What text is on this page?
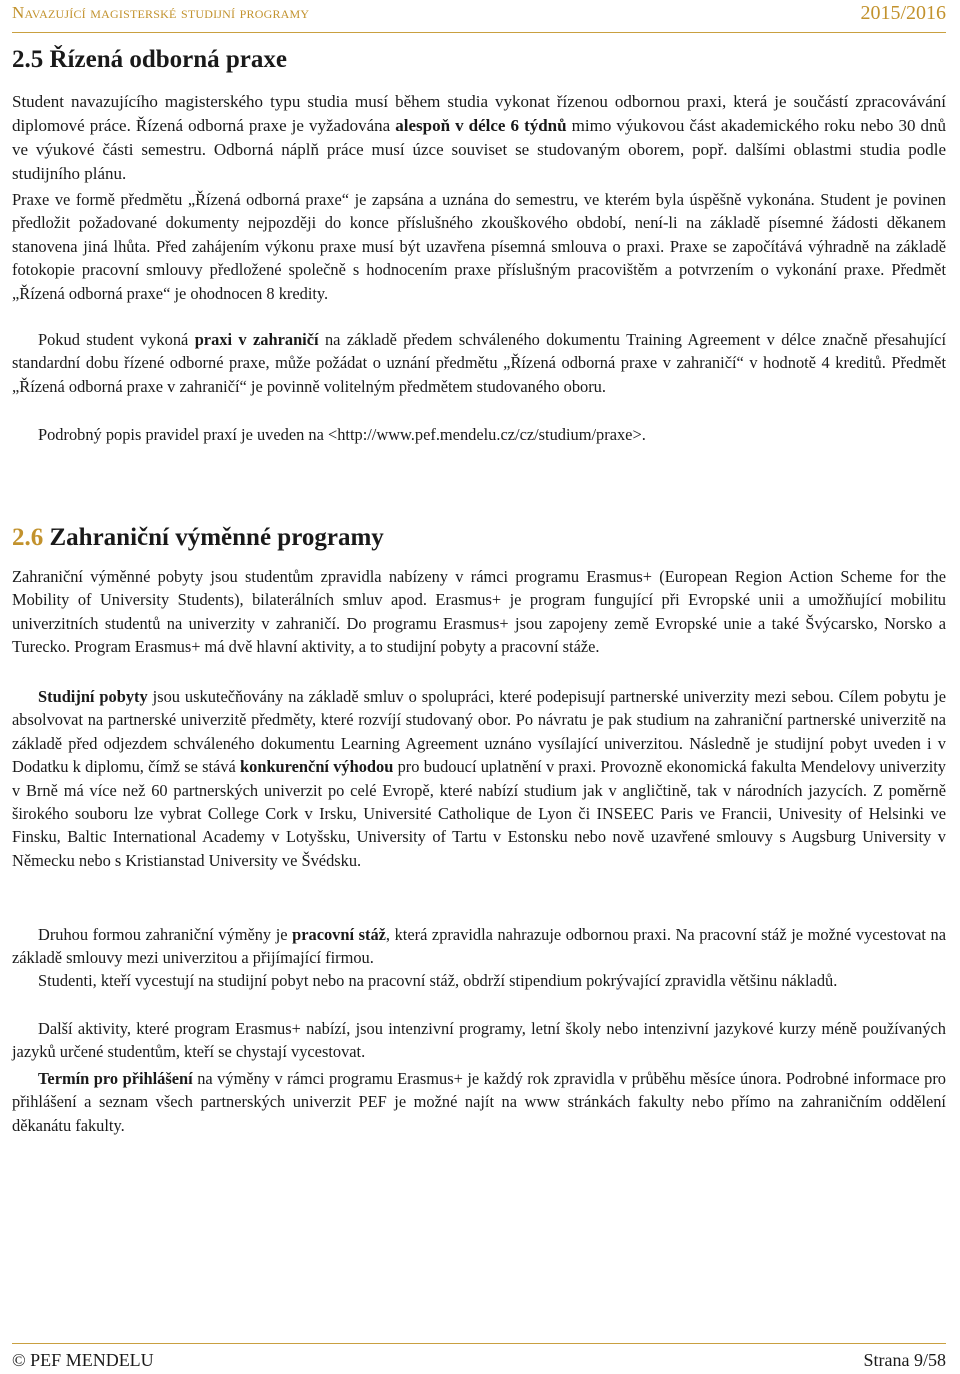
Navazující magisterské studijní programy	2015/2016
2.5 Řízená odborná praxe

Student navazujícího magisterského typu studia musí během studia vykonat řízenou odbornou praxi, která je součástí zpracovávání diplomové práce. Řízená odborná praxe je vyžadována alespoň v délce 6 týdnů mimo výukovou část akademického roku nebo 30 dnů ve výukové části semestru. Odborná náplň práce musí úzce souviset se studovaným oborem, popř. dalšími oblastmi studia podle studijního plánu.

Praxe ve formě předmětu „Řízená odborná praxe“ je zapsána a uznána do semestru, ve kterém byla úspěšně vykonána. Student je povinen předložit požadované dokumenty nejpozději do konce příslušného zkouškového období, není-li na základě písemné žádosti děkanem stanovena jiná lhůta. Před zahájením výkonu praxe musí být uzavřena písemná smlouva o praxi. Praxe se započítává výhradně na základě fotokopie pracovní smlouvy předložené společně s hodnocením praxe příslušným pracovištěm a potvrzením o vykonání praxe. Předmět „Řízená odborná praxe“ je ohodnocen 8 kredity.

Pokud student vykoná praxi v zahraničí na základě předem schváleného dokumentu Training Agreement v délce značně přesahující standardní dobu řízené odborné praxe, může požádat o uznání předmětu „Řízená odborná praxe v zahraničí“ v hodnotě 4 kreditů. Předmět „Řízená odborná praxe v zahraničí“ je povinně volitelným předmětem studovaného oboru.

Podrobný popis pravidel praxí je uveden na <http://www.pef.mendelu.cz/cz/studium/praxe>.

2.6 Zahraniční výměnné programy

Zahraniční výměnné pobyty jsou studentům zpravidla nabízeny v rámci programu Erasmus+ (European Region Action Scheme for the Mobility of University Students), bilaterálních smluv apod. Erasmus+ je program fungující při Evropské unii a umožňující mobilitu univerzitních studentů na univerzity v zahraničí. Do programu Erasmus+ jsou zapojeny země Evropské unie a také Švýcarsko, Norsko a Turecko. Program Erasmus+ má dvě hlavní aktivity, a to studijní pobyty a pracovní stáže.

Studijní pobyty jsou uskutečňovány na základě smluv o spolupráci, které podepisují partnerské univerzity mezi sebou. Cílem pobytu je absolvovat na partnerské univerzitě předměty, které rozvíjí studovaný obor. Po návratu je pak studium na zahraniční partnerské univerzitě na základě před odjezdem schváleného dokumentu Learning Agreement uznáno vysílající univerzitou. Následně je studijní pobyt uveden i v Dodatku k diplomu, čímž se stává konkurenční výhodou pro budoucí uplatnění v praxi. Provozně ekonomická fakulta Mendelovy univerzity v Brně má více než 60 partnerských univerzit po celé Evropě, které nabízí studium jak v angličtině, tak v národních jazycích. Z poměrně širokého souboru lze vybrat College Cork v Irsku, Université Catholique de Lyon či INSEEC Paris ve Francii, Univesity of Helsinki ve Finsku, Baltic International Academy v Lotyšsku, University of Tartu v Estonsku nebo nově uzavřené smlouvy s Augsburg University v Německu nebo s Kristianstad University ve Švédsku.

Druhou formou zahraniční výměny je pracovní stáž, která zpravidla nahrazuje odbornou praxi. Na pracovní stáž je možné vycestovat na základě smlouvy mezi univerzitou a přijímající firmou.

Studenti, kteří vycestují na studijní pobyt nebo na pracovní stáž, obdrží stipendium pokrývající zpravidla většinu nákladů.

Další aktivity, které program Erasmus+ nabízí, jsou intenzivní programy, letní školy nebo intenzivní jazykové kurzy méně používaných jazyků určené studentům, kteří se chystají vycestovat.

Termín pro přihlášení na výměny v rámci programu Erasmus+ je každý rok zpravidla v průběhu měsíce února. Podrobné informace pro přihlášení a seznam všech partnerských univerzit PEF je možné najít na www stránkách fakulty nebo přímo na zahraničním oddělení děkanátu fakulty.

© PEF MENDELU	Strana 9/58
